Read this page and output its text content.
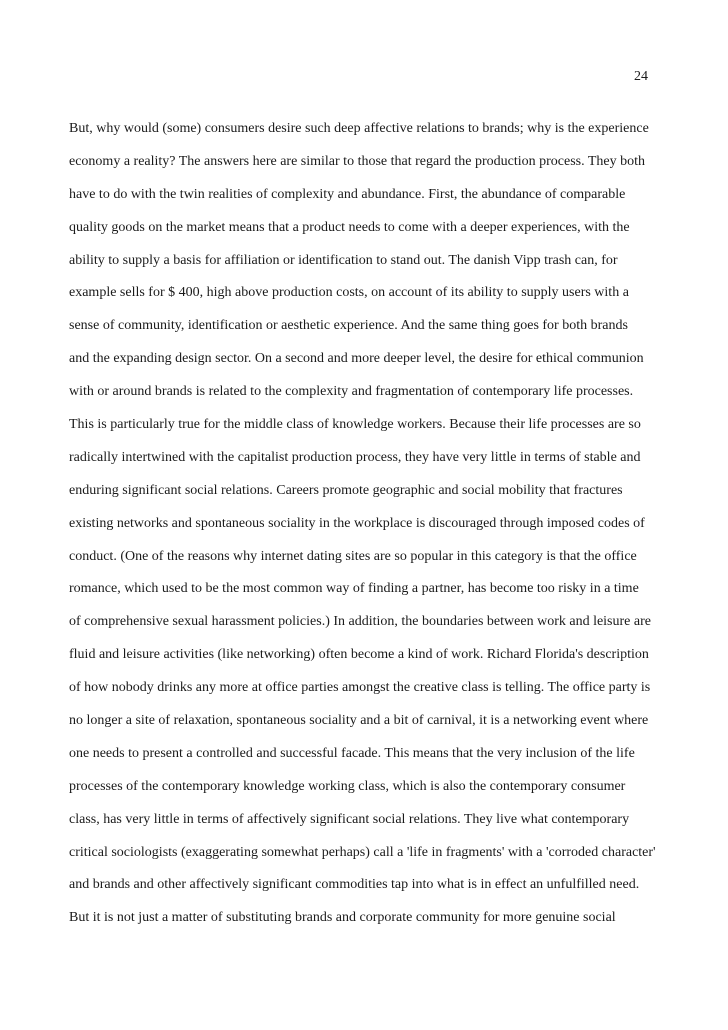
24
But, why would (some) consumers desire such deep affective relations to brands; why is the experience
economy a reality? The answers here are similar to those that regard the production process. They both
have to do with the twin realities of complexity and abundance. First, the abundance of comparable
quality goods on the market means that a product needs to come with a deeper experiences, with the
ability to supply a basis for affiliation or identification to stand out. The danish Vipp trash can, for
example sells for $ 400, high above production costs, on account of its ability to supply users with a
sense of community, identification or aesthetic experience. And the same thing goes for both brands
and the expanding design sector. On a second and more deeper level, the desire for ethical communion
with or around brands is related to the complexity and fragmentation of contemporary life processes.
This is particularly true for the middle class of knowledge workers. Because their life processes are so
radically intertwined with the capitalist production process, they have very little in terms of stable and
enduring significant social relations. Careers promote geographic and social mobility that fractures
existing networks and spontaneous sociality in the workplace is discouraged through imposed codes of
conduct. (One of the reasons why internet dating sites are so popular in this category is that the office
romance, which used to be the most common way of finding a partner, has become too risky in a time
of comprehensive sexual harassment policies.) In addition, the boundaries between work and leisure are
fluid and leisure activities (like networking) often become a kind of work. Richard Florida's description
of how nobody drinks any more at office parties amongst the creative class is telling. The office party is
no longer a site of relaxation, spontaneous sociality and a bit of carnival, it is a networking event where
one needs to present a controlled and successful facade. This means that the very inclusion of the life
processes of the contemporary knowledge working class, which is also the contemporary consumer
class, has very little in terms of affectively significant social relations. They live what contemporary
critical sociologists (exaggerating somewhat perhaps) call a 'life in fragments' with a 'corroded character'
and brands and other affectively significant commodities tap into what is in effect an unfulfilled need.
But it is not just a matter of substituting brands and corporate community for more genuine social
